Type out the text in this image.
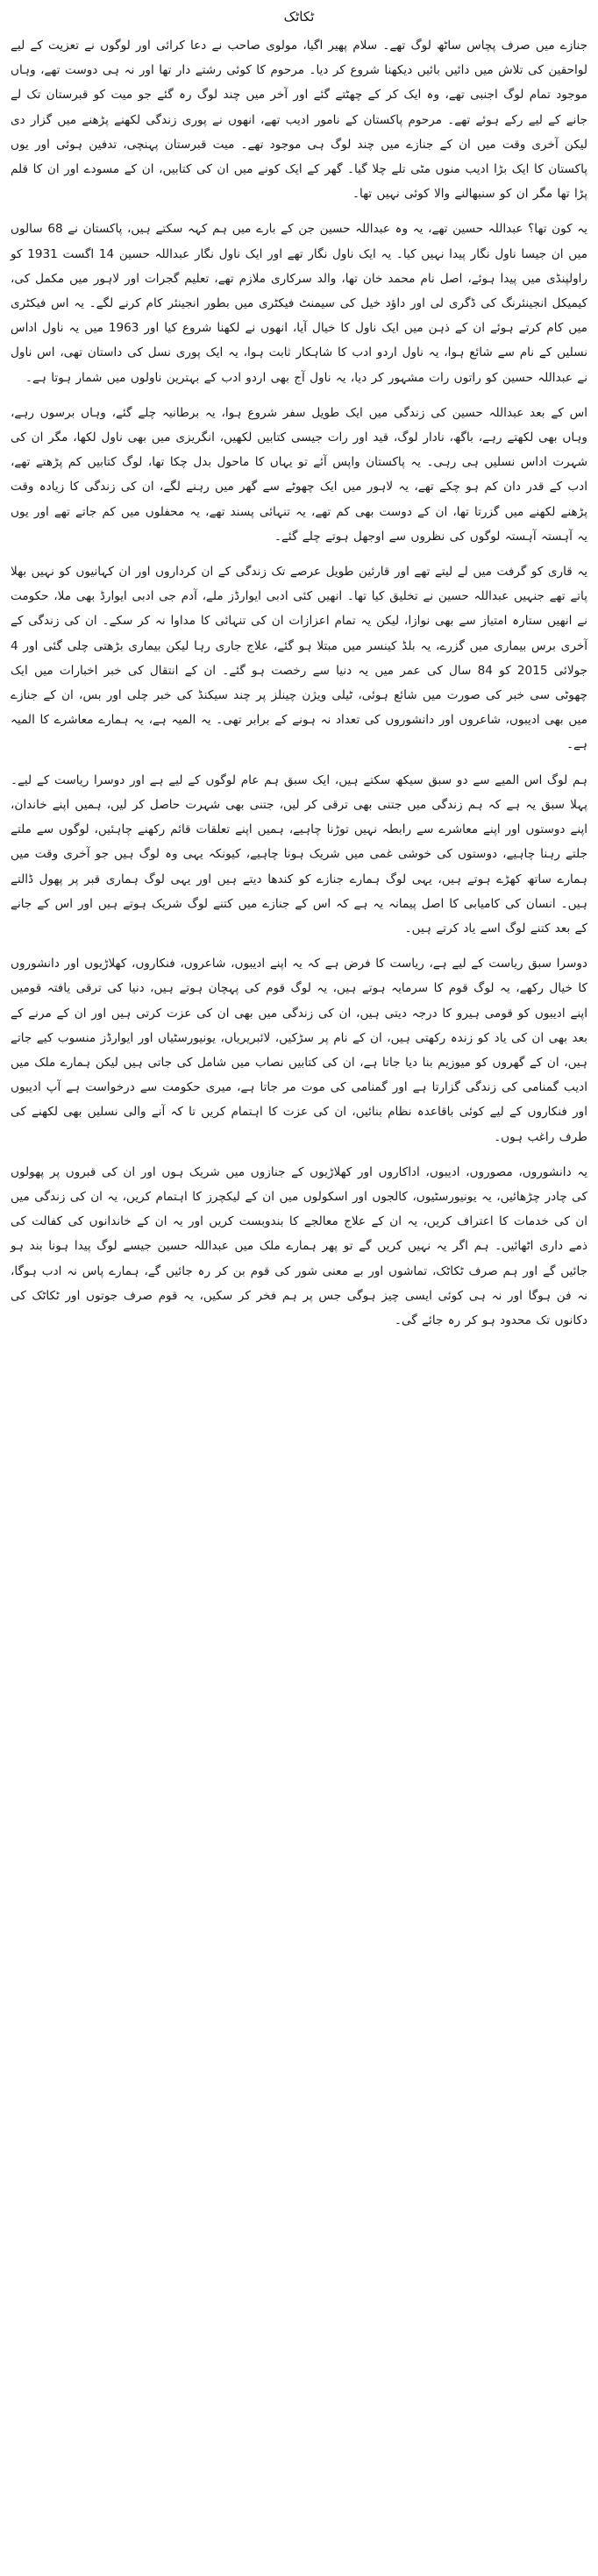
ٹکاٹک

جنازے میں صرف پچاس ساٹھ لوگ تھے۔ سلام پھیر اگیا، مولوی صاحب نے دعا کرائی اور لوگوں نے تعزیت کے لیے لواحقین کی تلاش میں دائیں بائیں دیکھنا شروع کر دیا۔ مرحوم کا کوئی رشتے دار تھا اور نہ ہی دوست تھے، وہاں موجود تمام لوگ اجنبی تھے، وہ ایک کر کے چھٹتے گئے اور آخر میں چند لوگ رہ گئے جو میت کو قبرستان تک لے جانے کے لیے رکے ہوئے تھے۔ مرحوم پاکستان کے نامور ادیب تھے، انھوں نے پوری زندگی لکھنے پڑھنے میں گزار دی لیکن آخری وقت میں ان کے جنازے میں چند لوگ ہی موجود تھے۔ میت قبرستان پہنچی، تدفین ہوئی اور یوں پاکستان کا ایک بڑا ادیب منوں مٹی تلے چلا گیا۔ گھر کے ایک کونے میں ان کی کتابیں، ان کے مسودے اور ان کا قلم پڑا تھا مگر ان کو سنبھالنے والا کوئی نہیں تھا۔

یہ کون تھا؟ عبداللہ حسین تھے، یہ وہ عبداللہ حسین جن کے بارے میں ہم کہہ سکتے ہیں، پاکستان نے 68 سالوں میں ان جیسا ناول نگار پیدا نہیں کیا۔ یہ ایک ناول نگار تھے اور ایک ناول نگار عبداللہ حسین 14 اگست 1931 کو راولپنڈی میں پیدا ہوئے، اصل نام محمد خان تھا، والد سرکاری ملازم تھے، تعلیم گجرات اور لاہور میں مکمل کی، کیمیکل انجینئرنگ کی ڈگری لی اور داؤد خیل کی سیمنٹ فیکٹری میں بطور انجینئر کام کرنے لگے۔ یہ اس فیکٹری میں کام کرتے ہوئے ان کے ذہن میں ایک ناول کا خیال آیا، انھوں نے لکھنا شروع کیا اور 1963 میں یہ ناول اداس نسلیں کے نام سے شائع ہوا، یہ ناول اردو ادب کا شاہکار ثابت ہوا، یہ ایک پوری نسل کی داستان تھی، اس ناول نے عبداللہ حسین کو راتوں رات مشہور کر دیا، یہ ناول آج بھی اردو ادب کے بہترین ناولوں میں شمار ہوتا ہے۔

اس کے بعد عبداللہ حسین کی زندگی میں ایک طویل سفر شروع ہوا، یہ برطانیہ چلے گئے، وہاں برسوں رہے، وہاں بھی لکھتے رہے، باگھ، نادار لوگ، قید اور رات جیسی کتابیں لکھیں، انگریزی میں بھی ناول لکھا، مگر ان کی شہرت اداس نسلیں ہی رہی۔ یہ پاکستان واپس آئے تو یہاں کا ماحول بدل چکا تھا، لوگ کتابیں کم پڑھتے تھے، ادب کے قدر دان کم ہو چکے تھے، یہ لاہور میں ایک چھوٹے سے گھر میں رہنے لگے، ان کی زندگی کا زیادہ وقت پڑھنے لکھنے میں گزرتا تھا، ان کے دوست بھی کم تھے، یہ تنہائی پسند تھے، یہ محفلوں میں کم جاتے تھے اور یوں یہ آہستہ آہستہ لوگوں کی نظروں سے اوجھل ہوتے چلے گئے۔

یہ قاری کو گرفت میں لے لیتے تھے اور قارئین طویل عرصے تک زندگی کے ان کرداروں اور ان کہانیوں کو نہیں بھلا پاتے تھے جنہیں عبداللہ حسین نے تخلیق کیا تھا۔ انھیں کئی ادبی ایوارڈز ملے، آدم جی ادبی ایوارڈ بھی ملا، حکومت نے انھیں ستارہ امتیاز سے بھی نوازا، لیکن یہ تمام اعزازات ان کی تنہائی کا مداوا نہ کر سکے۔ ان کی زندگی کے آخری برس بیماری میں گزرے، یہ بلڈ کینسر میں مبتلا ہو گئے، علاج جاری رہا لیکن بیماری بڑھتی چلی گئی اور 4 جولائی 2015 کو 84 سال کی عمر میں یہ دنیا سے رخصت ہو گئے۔ ان کے انتقال کی خبر اخبارات میں ایک چھوٹی سی خبر کی صورت میں شائع ہوئی، ٹیلی ویژن چینلز پر چند سیکنڈ کی خبر چلی اور بس، ان کے جنازے میں بھی ادیبوں، شاعروں اور دانشوروں کی تعداد نہ ہونے کے برابر تھی۔ یہ المیہ ہے، یہ ہمارے معاشرے کا المیہ ہے۔

ہم لوگ اس المیے سے دو سبق سیکھ سکتے ہیں، ایک سبق ہم عام لوگوں کے لیے ہے اور دوسرا ریاست کے لیے۔ پہلا سبق یہ ہے کہ ہم زندگی میں جتنی بھی ترقی کر لیں، جتنی بھی شہرت حاصل کر لیں، ہمیں اپنے خاندان، اپنے دوستوں اور اپنے معاشرے سے رابطہ نہیں توڑنا چاہیے، ہمیں اپنے تعلقات قائم رکھنے چاہئیں، لوگوں سے ملتے جلتے رہنا چاہیے، دوستوں کی خوشی غمی میں شریک ہونا چاہیے، کیونکہ یہی وہ لوگ ہیں جو آخری وقت میں ہمارے ساتھ کھڑے ہوتے ہیں، یہی لوگ ہمارے جنازے کو کندھا دیتے ہیں اور یہی لوگ ہماری قبر پر پھول ڈالتے ہیں۔ انسان کی کامیابی کا اصل پیمانہ یہ ہے کہ اس کے جنازے میں کتنے لوگ شریک ہوتے ہیں اور اس کے جانے کے بعد کتنے لوگ اسے یاد کرتے ہیں۔

دوسرا سبق ریاست کے لیے ہے، ریاست کا فرض ہے کہ یہ اپنے ادیبوں، شاعروں، فنکاروں، کھلاڑیوں اور دانشوروں کا خیال رکھے، یہ لوگ قوم کا سرمایہ ہوتے ہیں، یہ لوگ قوم کی پہچان ہوتے ہیں، دنیا کی ترقی یافتہ قومیں اپنے ادیبوں کو قومی ہیرو کا درجہ دیتی ہیں، ان کی زندگی میں بھی ان کی عزت کرتی ہیں اور ان کے مرنے کے بعد بھی ان کی یاد کو زندہ رکھتی ہیں، ان کے نام پر سڑکیں، لائبریریاں، یونیورسٹیاں اور ایوارڈز منسوب کیے جاتے ہیں، ان کے گھروں کو میوزیم بنا دیا جاتا ہے، ان کی کتابیں نصاب میں شامل کی جاتی ہیں لیکن ہمارے ملک میں ادیب گمنامی کی زندگی گزارتا ہے اور گمنامی کی موت مر جاتا ہے، میری حکومت سے درخواست ہے آپ ادیبوں اور فنکاروں کے لیے کوئی باقاعدہ نظام بنائیں، ان کی عزت کا اہتمام کریں تا کہ آنے والی نسلیں بھی لکھنے کی طرف راغب ہوں۔

یہ دانشوروں، مصوروں، ادیبوں، اداکاروں اور کھلاڑیوں کے جنازوں میں شریک ہوں اور ان کی قبروں پر پھولوں کی چادر چڑھائیں، یہ یونیورسٹیوں، کالجوں اور اسکولوں میں ان کے لیکچرز کا اہتمام کریں، یہ ان کی زندگی میں ان کی خدمات کا اعتراف کریں، یہ ان کے علاج معالجے کا بندوبست کریں اور یہ ان کے خاندانوں کی کفالت کی ذمے داری اٹھائیں۔ ہم اگر یہ نہیں کریں گے تو پھر ہمارے ملک میں عبداللہ حسین جیسے لوگ پیدا ہونا بند ہو جائیں گے اور ہم صرف ٹکاٹک، تماشوں اور بے معنی شور کی قوم بن کر رہ جائیں گے، ہمارے پاس نہ ادب ہوگا، نہ فن ہوگا اور نہ ہی کوئی ایسی چیز ہوگی جس پر ہم فخر کر سکیں، یہ قوم صرف جوتوں اور ٹکاٹک کی دکانوں تک محدود ہو کر رہ جائے گی۔
